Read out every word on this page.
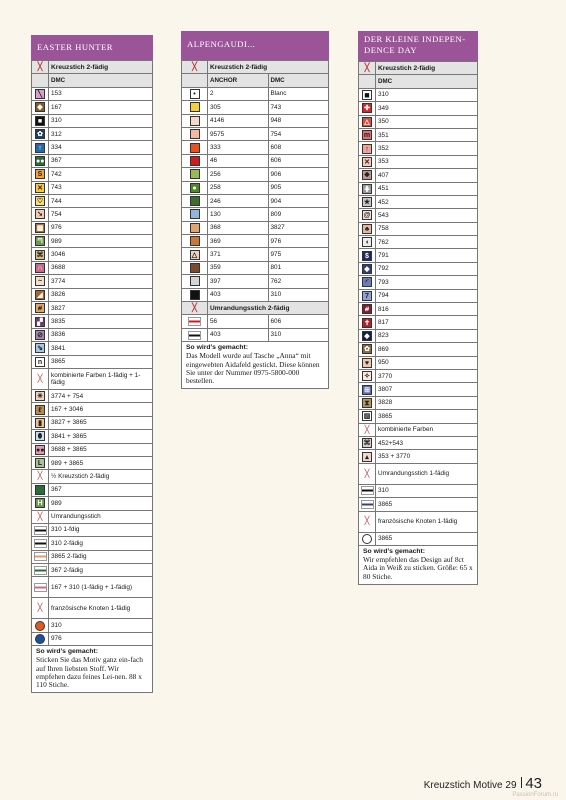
EASTER HUNTER
╳	Kreuzstich 2-fädig
	DMC
╲	153
◆	167
■	310
✿	312
↑	334
●●	367
S	742
✕	743
♡	744
➘	754
▩	976
ᘉ	989
⌘	3046
∩	3688
~	3774
◢	3826
⧣	3827
▞	3835
⊘	3836
⇘	3841
n	3865
╳	kombinierte Farben 1-fädig + 1-fädig
✳	3774 + 754
ℓ	167 + 3046
▮	3827 + 3865
⬮	3841 + 3865
●●	3688 + 3865
L	989 + 3865
╳	½ Kreuzstich 2-fädig
	367
H	989
╳	Umrandungsstich
	310 1-fdig
	310 2-fädig
	3865 2-fädig
	367 2-fädig
	167 + 310 (1-fädig + 1-fädig)
╳	französische Knoten 1-fädig
	310
	976
So wird’s gemacht:
Sticken Sie das Motiv ganz ein-fach auf Ihren liebsten Stoff. Wir empfehen dazu feines Lei-nen. 88 x 110 Stiche.
ALPENGAUDI...
╳	Kreuzstich 2-fädig	
	ANCHOR	DMC
•	2	Blanc
	305	743
	4146	948
	9575	754
	333	608
	46	606
	256	906
●	258	905
	246	904
	130	809
	368	3827
	369	976
△	371	975
	359	801
	397	762
	403	310
╳	Umrandungsstich 2-fädig	
	56	606
	403	310
So wird’s gemacht:
Das Modell wurde auf Tasche „Anna“ mit eingewebten Aidafeld gestickt. Diese können Sie unter der Nummer 0975-5800-000 bestellen.
DER KLEINE INDEPEN-DENCE DAY
╳	Kreuzstich 2-fädig
	DMC
■	310
✚	349
△	350
m	351
↑	352
✕	353
❖	407
⋕	451
★	452
@	543
♣	758
◖	762
$	791
◆	792
◜	793
7	794
⧣	816
✝	817
◆	823
✿	869
♥	950
✧	3770
⊞	3807
⧗	3828
▨	3865
╳	kombinierte Farben
⌘	452+543
▴	353 + 3770
╳	Umrandungsstich 1-fädig
	310
	3865
╳	französische Knoten 1-fädig
	3865
So wird’s gemacht:
Wir empfehlen das Design auf 8ct Aida in Weiß zu sticken. Größe: 65 x 80 Stiche.
Kreuzstich Motive 29 43
PassionForum.ru
